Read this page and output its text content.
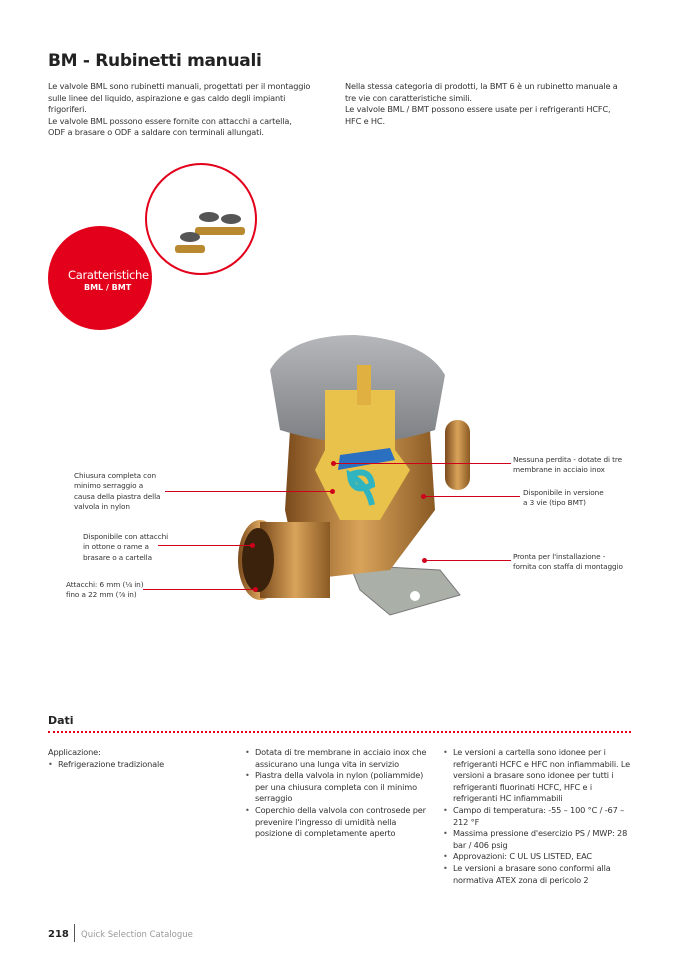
BM - Rubinetti manuali
Le valvole BML sono rubinetti manuali, progettati per il montaggio
sulle linee del liquido, aspirazione e gas caldo degli impianti
frigoriferi.
Le valvole BML possono essere fornite con attacchi a cartella,
ODF a brasare o ODF a saldare con terminali allungati.
Nella stessa categoria di prodotti, la BMT 6 è un rubinetto manuale a
tre vie con caratteristiche simili.
Le valvole BML / BMT possono essere usate per i refrigeranti HCFC,
HFC e HC.
Caratteristiche
BML / BMT
Chiusura completa con
minimo serraggio a
causa della piastra della
valvola in nylon
Disponibile con attacchi
in ottone o rame a
brasare o a cartella
Attacchi: 6 mm (¹⁄₄ in)
fino a 22 mm (⁷⁄₈ in)
Nessuna perdita - dotate di tre
membrane in acciaio inox
Disponibile in versione
a 3 vie (tipo BMT)
Pronta per l'installazione -
fornita con staffa di montaggio
Dati
Applicazione:
• Refrigerazione tradizionale
• Dotata di tre membrane in acciaio inox che assicurano una lunga vita in servizio
• Piastra della valvola in nylon (poliammide) per una chiusura completa con il minimo serraggio
• Coperchio della valvola con controsede per prevenire l'ingresso di umidità nella posizione di completamente aperto
• Le versioni a cartella sono idonee per i refrigeranti HCFC e HFC non infiammabili. Le versioni a brasare sono idonee per tutti i refrigeranti fluorinati HCFC, HFC e i refrigeranti HC infiammabili
• Campo di temperatura: -55 – 100 °C / -67 – 212 °F
• Massima pressione d'esercizio PS / MWP: 28 bar / 406 psig
• Approvazioni: C UL US LISTED, EAC
• Le versioni a brasare sono conformi alla normativa ATEX zona di pericolo 2
218 Quick Selection Catalogue
